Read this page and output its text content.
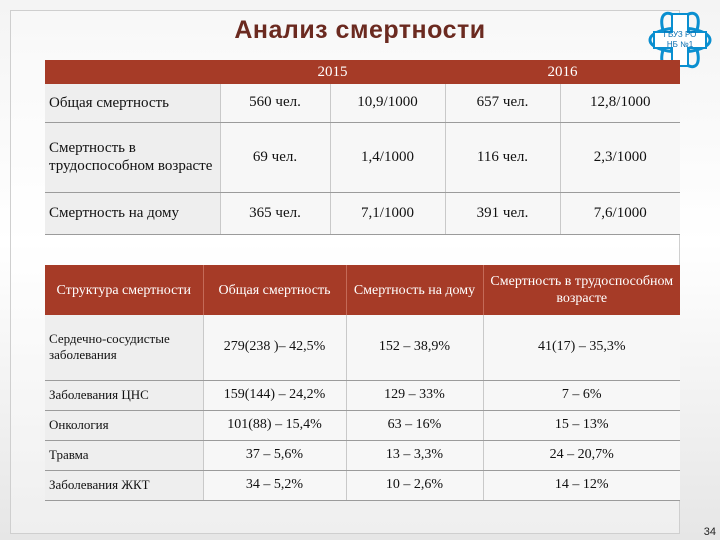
Анализ смертности	ГБУЗ РО
НБ №1
	2015		2016	
Общая смертность	560 чел.	10,9/1000	657 чел.	12,8/1000
Смертность в трудоспособном возрасте	69 чел.	1,4/1000	116 чел.	2,3/1000
Смертность на дому	365 чел.	7,1/1000	391 чел.	7,6/1000
Структура смертности	Общая смертность	Смертность на дому	Смертность в трудоспособном возрасте
Сердечно-сосудистые заболевания	279(238 )– 42,5%	152 – 38,9%	41(17) – 35,3%
Заболевания ЦНС	159(144) – 24,2%	129 – 33%	7 – 6%
Онкология	101(88) – 15,4%	63 – 16%	15 – 13%
Травма	37 – 5,6%	13 – 3,3%	24 – 20,7%
Заболевания ЖКТ	34 – 5,2%	10 – 2,6%	14 – 12%
34
